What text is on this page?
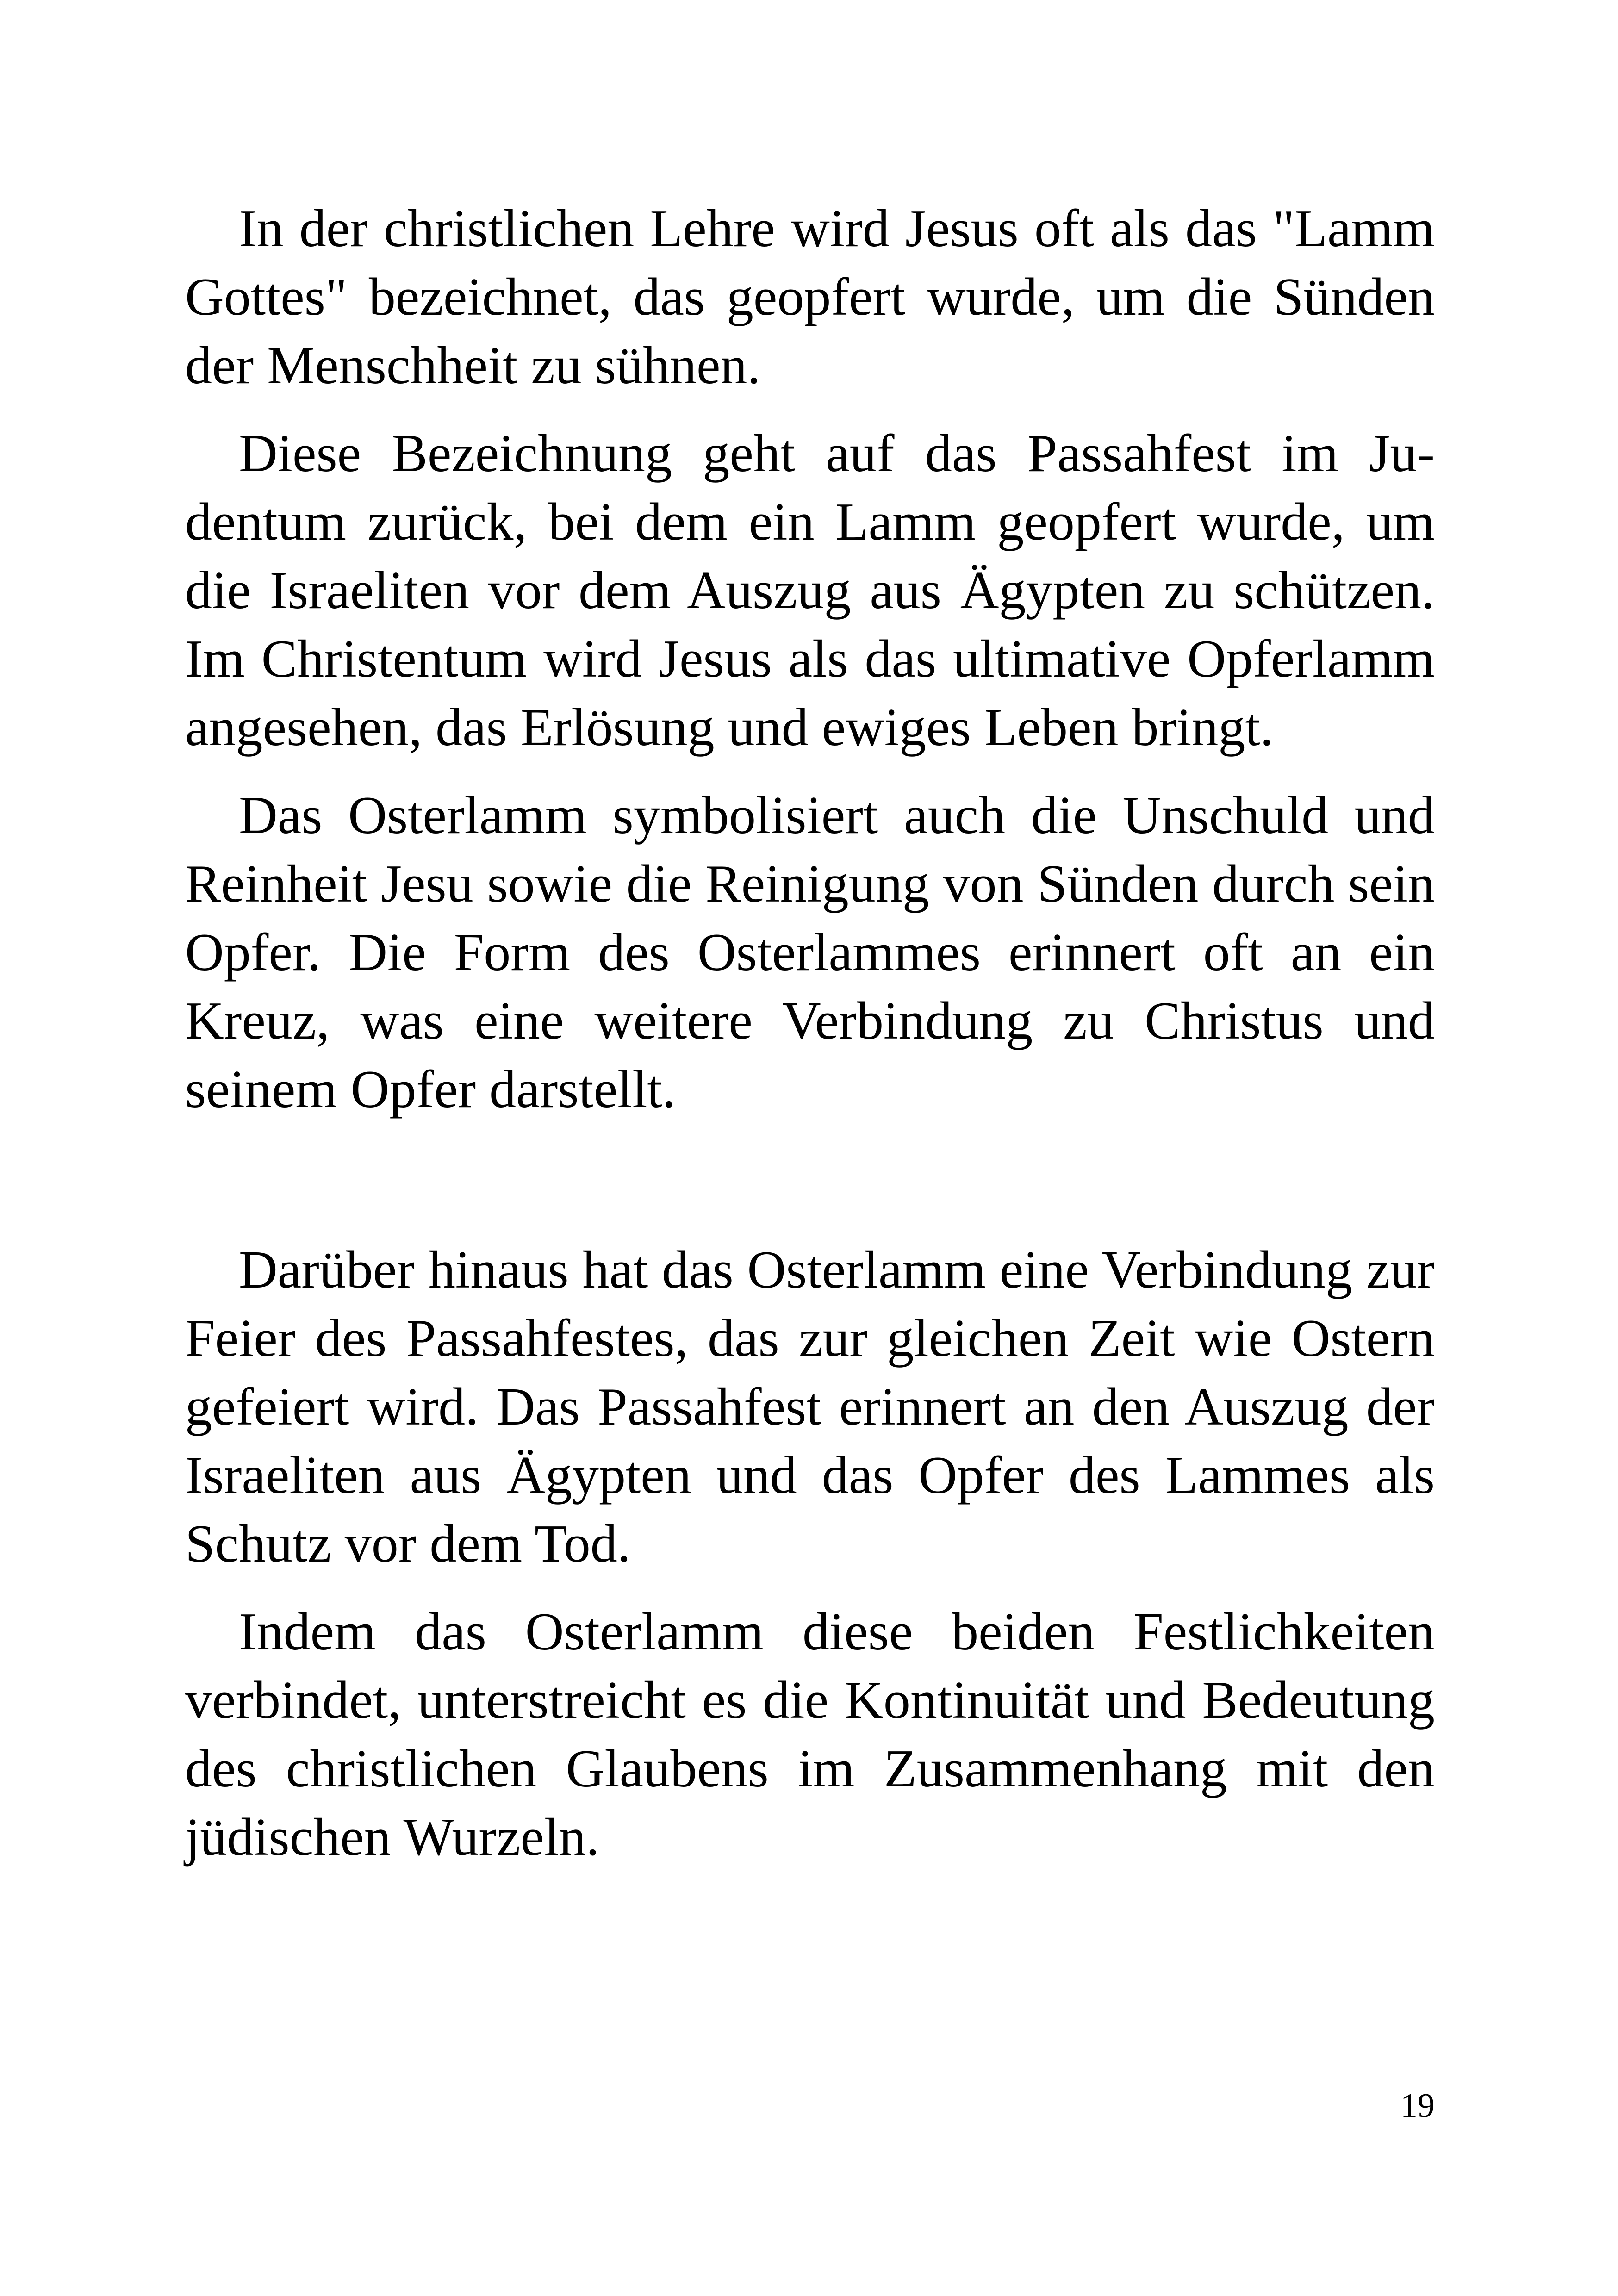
In der christlichen Lehre wird Jesus oft als das "Lamm Gottes" bezeichnet, das geopfert wurde, um die Sünden der Menschheit zu sühnen.

Diese Bezeichnung geht auf das Passahfest im Judentum zurück, bei dem ein Lamm geopfert wurde, um die Israeliten vor dem Auszug aus Ägypten zu schützen. Im Christentum wird Jesus als das ultimative Opferlamm angesehen, das Erlösung und ewiges Leben bringt.

Das Osterlamm symbolisiert auch die Unschuld und Reinheit Jesu sowie die Reinigung von Sünden durch sein Opfer. Die Form des Osterlammes erinnert oft an ein Kreuz, was eine weitere Verbindung zu Christus und seinem Opfer darstellt.

Darüber hinaus hat das Osterlamm eine Verbindung zur Feier des Passahfestes, das zur gleichen Zeit wie Ostern gefeiert wird. Das Passahfest erinnert an den Auszug der Israeliten aus Ägypten und das Opfer des Lammes als Schutz vor dem Tod.

Indem das Osterlamm diese beiden Festlichkeiten verbindet, unterstreicht es die Kontinuität und Bedeutung des christlichen Glaubens im Zusammenhang mit den jüdischen Wurzeln.

19
